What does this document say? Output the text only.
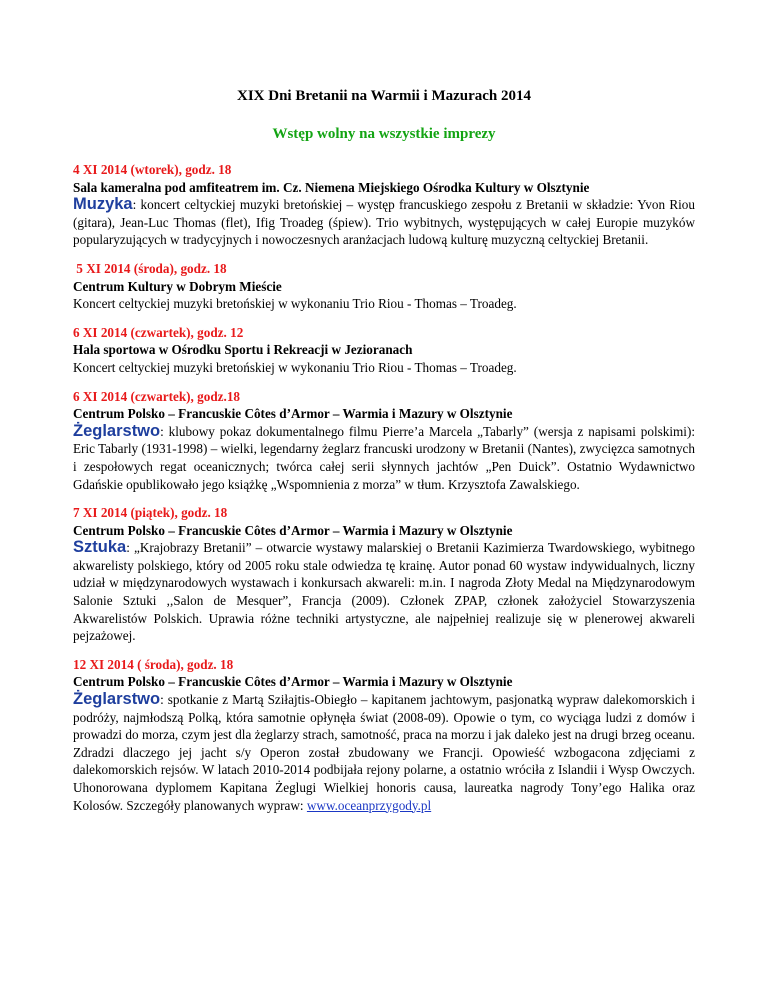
XIX Dni Bretanii na Warmii i Mazurach 2014
Wstęp wolny na wszystkie imprezy
4 XI 2014 (wtorek), godz. 18
Sala kameralna pod amfiteatrem im. Cz. Niemena Miejskiego Ośrodka Kultury w Olsztynie
Muzyka: koncert celtyckiej muzyki bretońskiej – występ francuskiego zespołu z Bretanii w składzie: Yvon Riou (gitara), Jean-Luc Thomas (flet), Ifig Troadeg (śpiew). Trio wybitnych, występujących w całej Europie muzyków popularyzujących w tradycyjnych i nowoczesnych aranżacjach ludową kulturę muzyczną celtyckiej Bretanii.
5 XI 2014 (środa), godz. 18
Centrum Kultury w Dobrym Mieście
Koncert celtyckiej muzyki bretońskiej w wykonaniu Trio Riou - Thomas – Troadeg.
6 XI 2014 (czwartek), godz. 12
Hala sportowa w Ośrodku Sportu i Rekreacji w Jezioranach
Koncert celtyckiej muzyki bretońskiej w wykonaniu Trio Riou - Thomas – Troadeg.
6 XI 2014 (czwartek), godz.18
Centrum Polsko – Francuskie Côtes d’Armor – Warmia i Mazury w Olsztynie
Żeglarstwo: klubowy pokaz dokumentalnego filmu Pierre’a Marcela „Tabarly” (wersja z napisami polskimi): Eric Tabarly (1931-1998) – wielki, legendarny żeglarz francuski urodzony w Bretanii (Nantes), zwycięzca samotnych i zespołowych regat oceanicznych; twórca całej serii słynnych jachtów „Pen Duick”. Ostatnio Wydawnictwo Gdańskie opublikowało jego książkę „Wspomnienia z morza” w tłum. Krzysztofa Zawalskiego.
7 XI 2014 (piątek), godz. 18
Centrum Polsko – Francuskie Côtes d’Armor – Warmia i Mazury w Olsztynie
Sztuka: „Krajobrazy Bretanii” – otwarcie wystawy malarskiej o Bretanii Kazimierza Twardowskiego, wybitnego akwarelisty polskiego, który od 2005 roku stale odwiedza tę krainę. Autor ponad 60 wystaw indywidualnych, liczny udział w międzynarodowych wystawach i konkursach akwareli: m.in. I nagroda Złoty Medal na Międzynarodowym Salonie Sztuki ,,Salon de Mesquer”, Francja (2009). Członek ZPAP, członek założyciel Stowarzyszenia Akwarelistów Polskich. Uprawia różne techniki artystyczne, ale najpełniej realizuje się w plenerowej akwareli pejzażowej.
12 XI 2014 ( środa), godz. 18
Centrum Polsko – Francuskie Côtes d’Armor – Warmia i Mazury w Olsztynie
Żeglarstwo: spotkanie z Martą Sziłajtis-Obiegło – kapitanem jachtowym, pasjonatką wypraw dalekomorskich i podróży, najmłodszą Polką, która samotnie opłynęła świat (2008-09). Opowie o tym, co wyciąga ludzi z domów i prowadzi do morza, czym jest dla żeglarzy strach, samotność, praca na morzu i jak daleko jest na drugi brzeg oceanu. Zdradzi dlaczego jej jacht s/y Operon został zbudowany we Francji. Opowieść wzbogacona zdjęciami z dalekomorskich rejsów. W latach 2010-2014 podbijała rejony polarne, a ostatnio wróciła z Islandii i Wysp Owczych. Uhonorowana dyplomem Kapitana Żeglugi Wielkiej honoris causa, laureatka nagrody Tony’ego Halika oraz Kolosów. Szczegóły planowanych wypraw: www.oceanprzygody.pl
